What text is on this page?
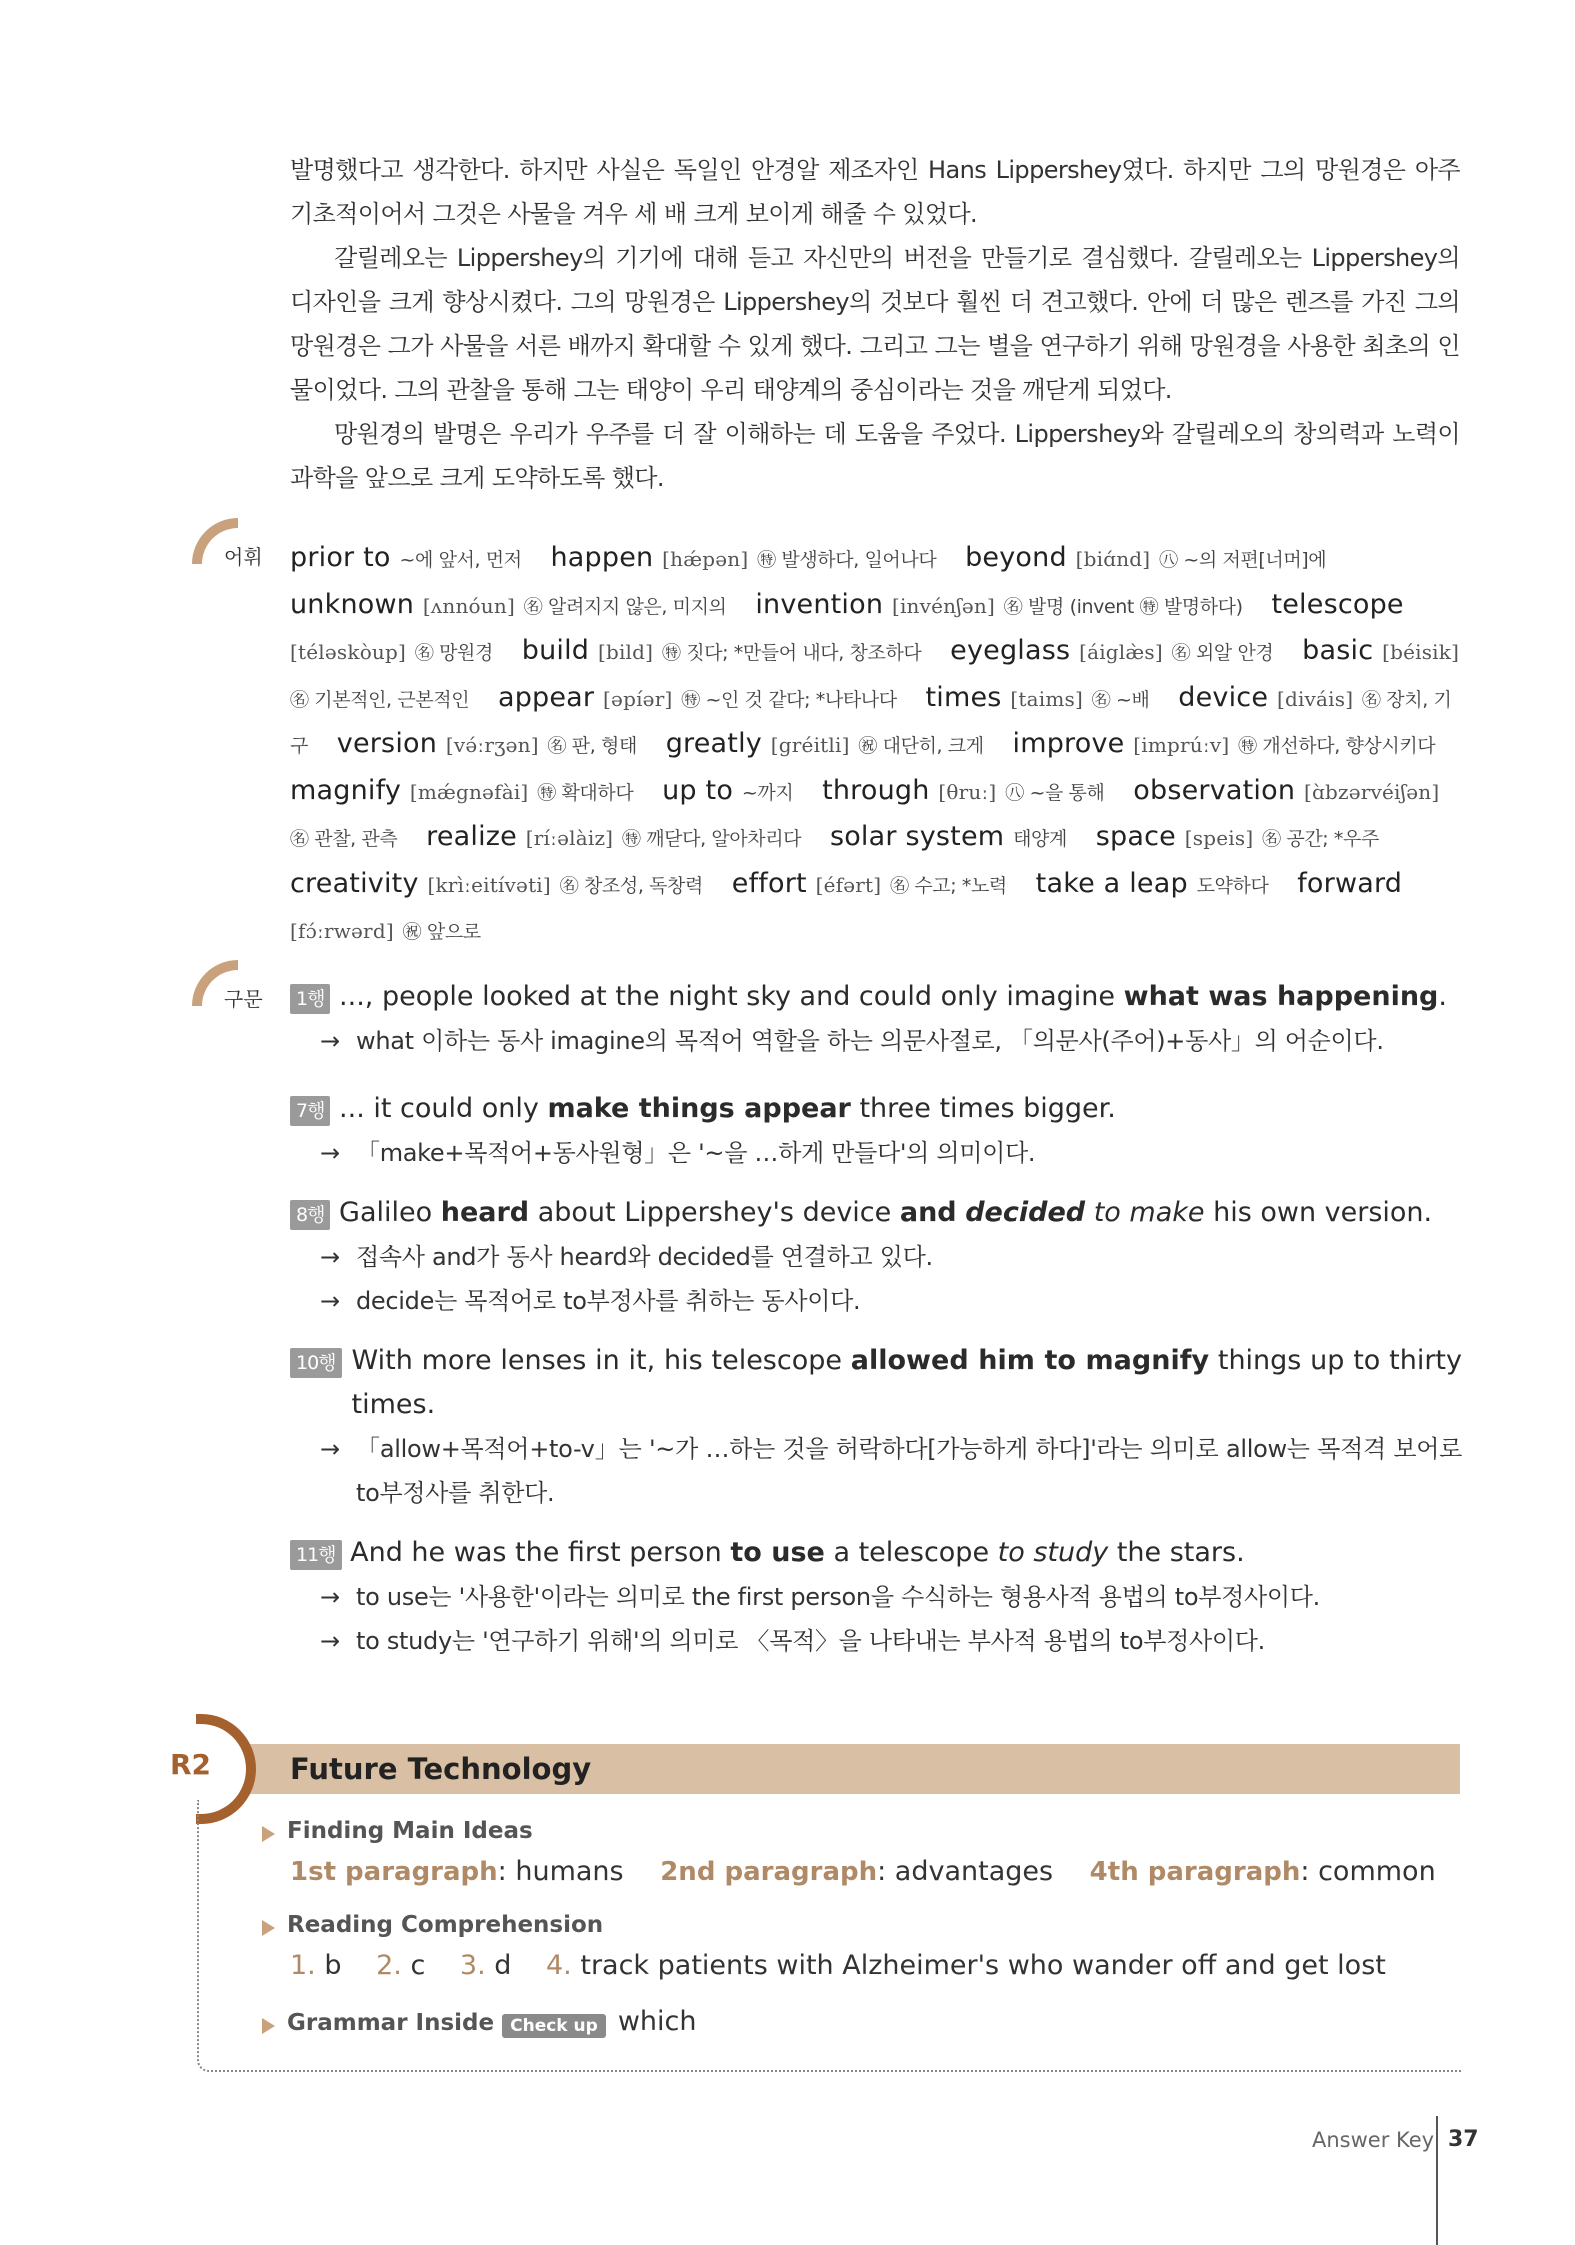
발명했다고 생각한다. 하지만 사실은 독일인 안경알 제조자인 Hans Lippershey였다. 하지만 그의 망원경은 아주 기초적이어서 그것은 사물을 겨우 세 배 크게 보이게 해줄 수 있었다.

갈릴레오는 Lippershey의 기기에 대해 듣고 자신만의 버전을 만들기로 결심했다. 갈릴레오는 Lippershey의 디자인을 크게 향상시켰다. 그의 망원경은 Lippershey의 것보다 훨씬 더 견고했다. 안에 더 많은 렌즈를 가진 그의 망원경은 그가 사물을 서른 배까지 확대할 수 있게 했다. 그리고 그는 별을 연구하기 위해 망원경을 사용한 최초의 인물이었다. 그의 관찰을 통해 그는 태양이 우리 태양계의 중심이라는 것을 깨닫게 되었다.

망원경의 발명은 우리가 우주를 더 잘 이해하는 데 도움을 주었다. Lippershey와 갈릴레오의 창의력과 노력이 과학을 앞으로 크게 도약하도록 했다.

어휘 prior to ~에 앞서, 먼저 happen [hǽpən] ㊕ 발생하다, 일어나다 beyond [biɑ́nd] ㊇ ~의 저편[너머]에 unknown [ʌnnóun] ㊔ 알려지지 않은, 미지의 invention [invénʃən] ㊔ 발명 (invent ㊕ 발명하다) telescope [téləskòup] ㊔ 망원경 build [bild] ㊕ 짓다; *만들어 내다, 창조하다 eyeglass [áiglæ̀s] ㊔ 외알 안경 basic [béisik] ㊔ 기본적인, 근본적인 appear [əpíər] ㊕ ~인 것 같다; *나타나다 times [taims] ㊔ ~배 device [diváis] ㊔ 장치, 기구 version [və́ːrʒən] ㊔ 판, 형태 greatly [gréitli] ㊗ 대단히, 크게 improve [imprúːv] ㊕ 개선하다, 향상시키다 magnify [mǽgnəfài] ㊕ 확대하다 up to ~까지 through [θruː] ㊇ ~을 통해 observation [ɑ̀bzərvéiʃən] ㊔ 관찰, 관측 realize [ríːəlàiz] ㊕ 깨닫다, 알아차리다 solar system 태양계 space [speis] ㊔ 공간; *우주 creativity [krìːeitívəti] ㊔ 창조성, 독창력 effort [éfərt] ㊔ 수고; *노력 take a leap 도약하다 forward [fɔ́ːrwərd] ㊗ 앞으로
구문	1행 ..., people looked at the night sky and could only imagine what was happening.
→ what 이하는 동사 imagine의 목적어 역할을 하는 의문사절로, 「의문사(주어)+동사」의 어순이다.
7행 ... it could only make things appear three times bigger.
→ 「make+목적어+동사원형」은 '~을 …하게 만들다'의 의미이다.
8행 Galileo heard about Lippershey's device and decided to make his own version.
→ 접속사 and가 동사 heard와 decided를 연결하고 있다.
→ decide는 목적어로 to부정사를 취하는 동사이다.
10행 With more lenses in it, his telescope allowed him to magnify things up to thirty times.
→ 「allow+목적어+to-v」는 '~가 …하는 것을 허락하다[가능하게 하다]'라는 의미로 allow는 목적격 보어로 to부정사를 취한다.
11행 And he was the first person to use a telescope to study the stars.
→ to use는 '사용한'이라는 의미로 the first person을 수식하는 형용사적 용법의 to부정사이다.
→ to study는 '연구하기 위해'의 의미로 〈목적〉을 나타내는 부사적 용법의 to부정사이다.
R2	Future Technology
Finding Main Ideas
1st paragraph: humans 2nd paragraph: advantages 4th paragraph: common
Reading Comprehension
1. b 2. c 3. d 4. track patients with Alzheimer's who wander off and get lost
Grammar Inside Check up which
Answer Key 37
